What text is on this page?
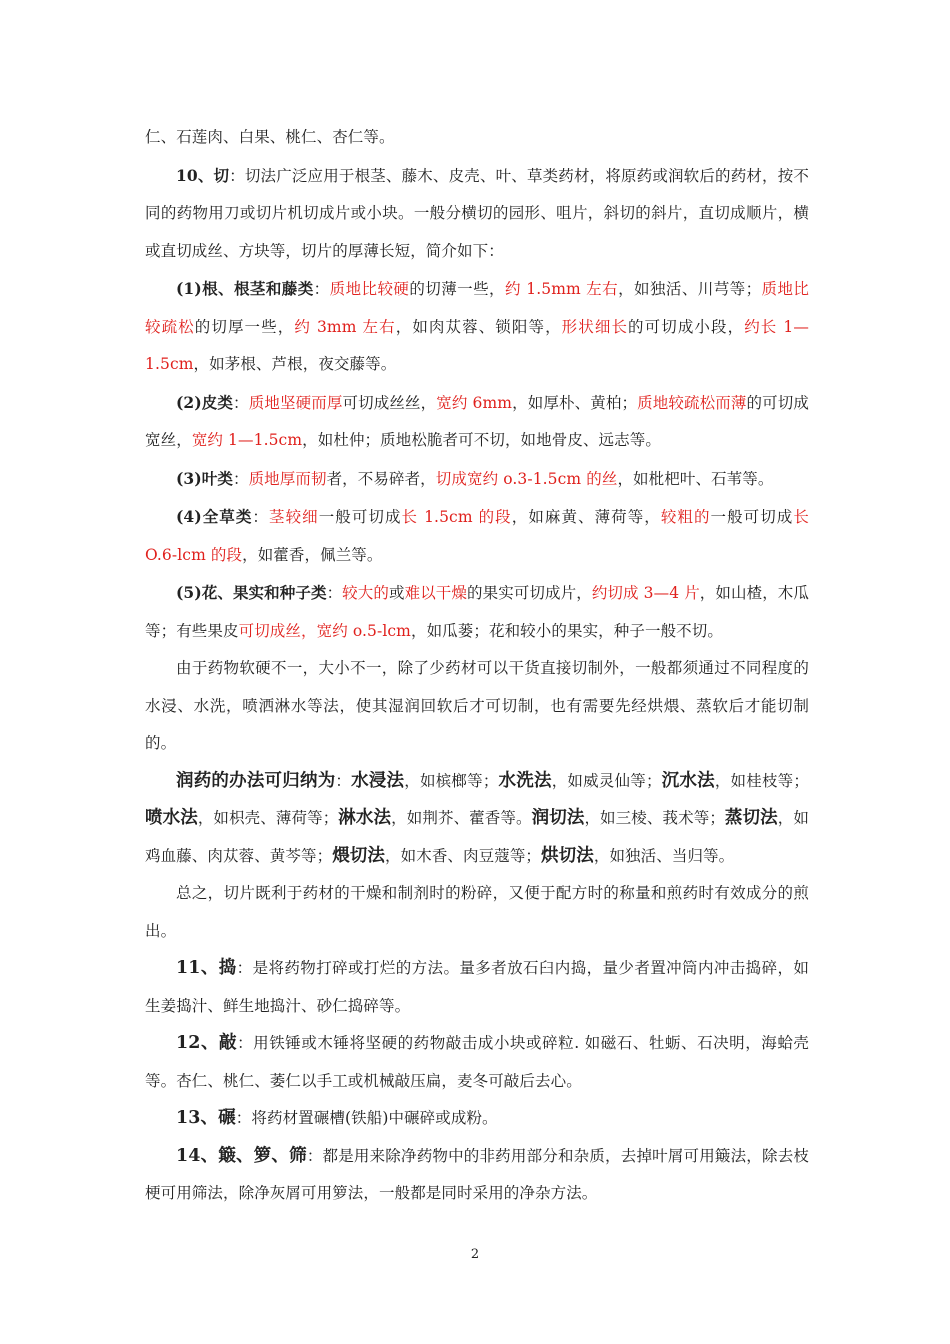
仁、石莲肉、白果、桃仁、杏仁等。

10、切：切法广泛应用于根茎、藤木、皮壳、叶、草类药材，将原药或润软后的药材，按不同的药物用刀或切片机切成片或小块。一般分横切的园形、咀片，斜切的斜片，直切成顺片，横或直切成丝、方块等，切片的厚薄长短，简介如下：

(1)根、根茎和藤类：质地比较硬的切薄一些，约 1.5mm 左右，如独活、川芎等；质地比较疏松的切厚一些，约 3mm 左右，如肉苁蓉、锁阳等，形状细长的可切成小段，约长 1—1.5cm，如茅根、芦根，夜交藤等。

(2)皮类：质地坚硬而厚可切成丝丝，宽约 6mm，如厚朴、黄柏；质地较疏松而薄的可切成宽丝，宽约 1—1.5cm，如杜仲；质地松脆者可不切，如地骨皮、远志等。

(3)叶类：质地厚而韧者，不易碎者，切成宽约 o.3-1.5cm 的丝，如枇杷叶、石苇等。

(4)全草类：茎较细一般可切成长 1.5cm 的段，如麻黄、薄荷等，较粗的一般可切成长 O.6-lcm 的段，如藿香，佩兰等。

(5)花、果实和种子类：较大的或难以干燥的果实可切成片，约切成 3—4 片，如山楂，木瓜等；有些果皮可切成丝，宽约 o.5-lcm，如瓜蒌；花和较小的果实，种子一般不切。

由于药物软硬不一，大小不一，除了少药材可以干货直接切制外，一般都须通过不同程度的水浸、水洗，喷洒淋水等法，使其湿润回软后才可切制，也有需要先经烘煨、蒸软后才能切制的。

润药的办法可归纳为：水浸法，如槟榔等；水洗法，如威灵仙等；沉水法，如桂枝等；喷水法，如枳壳、薄荷等；淋水法，如荆芥、藿香等。润切法，如三棱、莪术等；蒸切法，如鸡血藤、肉苁蓉、黄芩等；煨切法，如木香、肉豆蔻等；烘切法，如独活、当归等。

总之，切片既利于药材的干燥和制剂时的粉碎，又便于配方时的称量和煎药时有效成分的煎出。

11、捣：是将药物打碎或打烂的方法。量多者放石臼内捣，量少者置冲筒内冲击捣碎，如生姜捣汁、鲜生地捣汁、砂仁捣碎等。

12、敲：用铁锤或木锤将坚硬的药物敲击成小块或碎粒. 如磁石、牡蛎、石决明，海蛤壳等。杏仁、桃仁、萎仁以手工或机械敲压扁，麦冬可敲后去心。

13、碾：将药材置碾槽(铁船)中碾碎或成粉。

14、簸、箩、筛：都是用来除净药物中的非药用部分和杂质，去掉叶屑可用簸法，除去枝梗可用筛法，除净灰屑可用箩法，一般都是同时采用的净杂方法。

2
